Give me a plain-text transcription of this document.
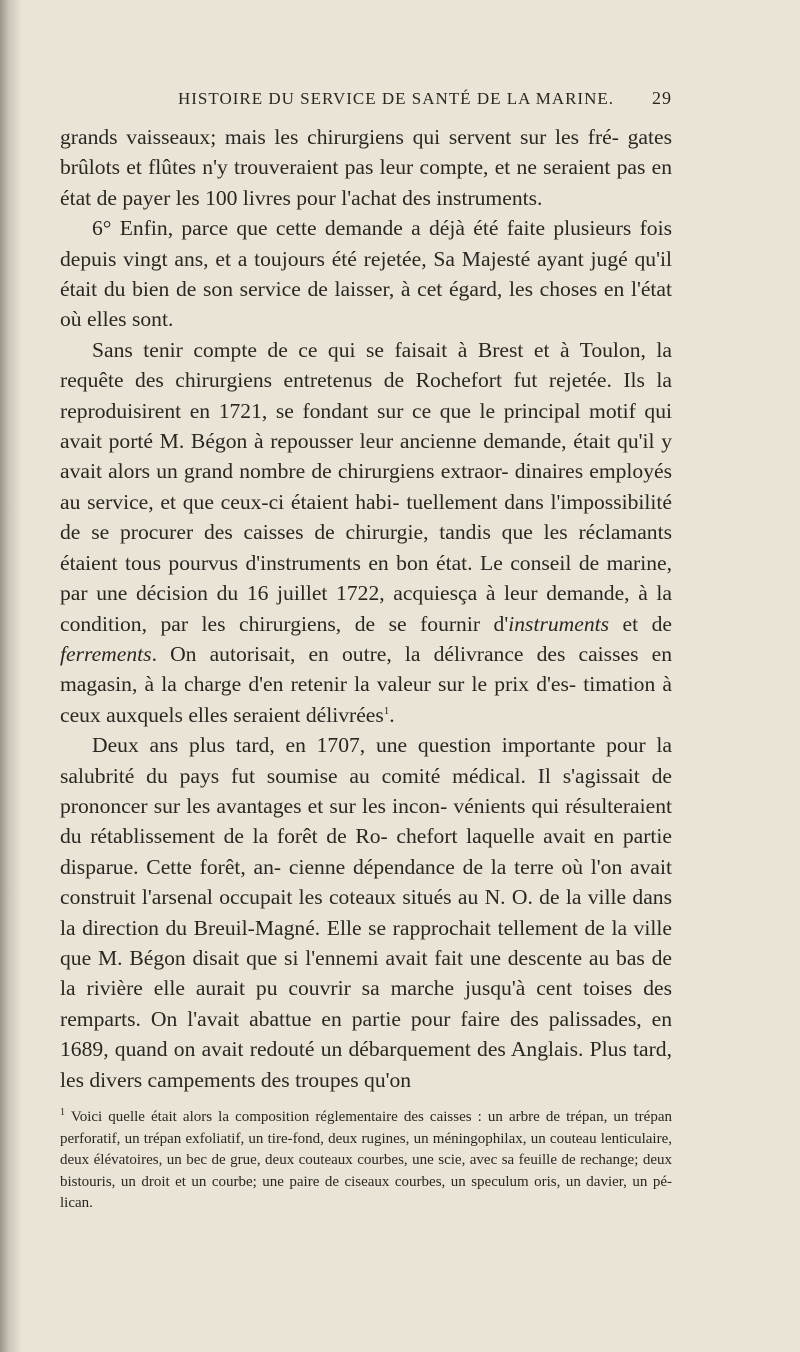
HISTOIRE DU SERVICE DE SANTÉ DE LA MARINE.	29

grands vaisseaux; mais les chirurgiens qui servent sur les fré- gates brûlots et flûtes n'y trouveraient pas leur compte, et ne seraient pas en état de payer les 100 livres pour l'achat des instruments.

6° Enfin, parce que cette demande a déjà été faite plusieurs fois depuis vingt ans, et a toujours été rejetée, Sa Majesté ayant jugé qu'il était du bien de son service de laisser, à cet égard, les choses en l'état où elles sont.

Sans tenir compte de ce qui se faisait à Brest et à Toulon, la requête des chirurgiens entretenus de Rochefort fut rejetée. Ils la reproduisirent en 1721, se fondant sur ce que le principal motif qui avait porté M. Bégon à repousser leur ancienne demande, était qu'il y avait alors un grand nombre de chirurgiens extraor- dinaires employés au service, et que ceux-ci étaient habi- tuellement dans l'impossibilité de se procurer des caisses de chirurgie, tandis que les réclamants étaient tous pourvus d'instruments en bon état. Le conseil de marine, par une décision du 16 juillet 1722, acquiesça à leur demande, à la condition, par les chirurgiens, de se fournir d'instruments et de ferrements. On autorisait, en outre, la délivrance des caisses en magasin, à la charge d'en retenir la valeur sur le prix d'es- timation à ceux auxquels elles seraient délivrées$^1$.

Deux ans plus tard, en 1707, une question importante pour la salubrité du pays fut soumise au comité médical. Il s'agissait de prononcer sur les avantages et sur les incon- vénients qui résulteraient du rétablissement de la forêt de Ro- chefort laquelle avait en partie disparue. Cette forêt, an- cienne dépendance de la terre où l'on avait construit l'arsenal occupait les coteaux situés au N. O. de la ville dans la direction du Breuil-Magné. Elle se rapprochait tellement de la ville que M. Bégon disait que si l'ennemi avait fait une descente au bas de la rivière elle aurait pu couvrir sa marche jusqu'à cent toises des remparts. On l'avait abattue en partie pour faire des palissades, en 1689, quand on avait redouté un débarquement des Anglais. Plus tard, les divers campements des troupes qu'on

$^1$ Voici quelle était alors la composition réglementaire des caisses : un arbre de trépan, un trépan perforatif, un trépan exfoliatif, un tire-fond, deux rugines, un méningophilax, un couteau lenticulaire, deux élévatoires, un bec de grue, deux couteaux courbes, une scie, avec sa feuille de rechange; deux bistouris, un droit et un courbe; une paire de ciseaux courbes, un speculum oris, un davier, un pé- lican.
